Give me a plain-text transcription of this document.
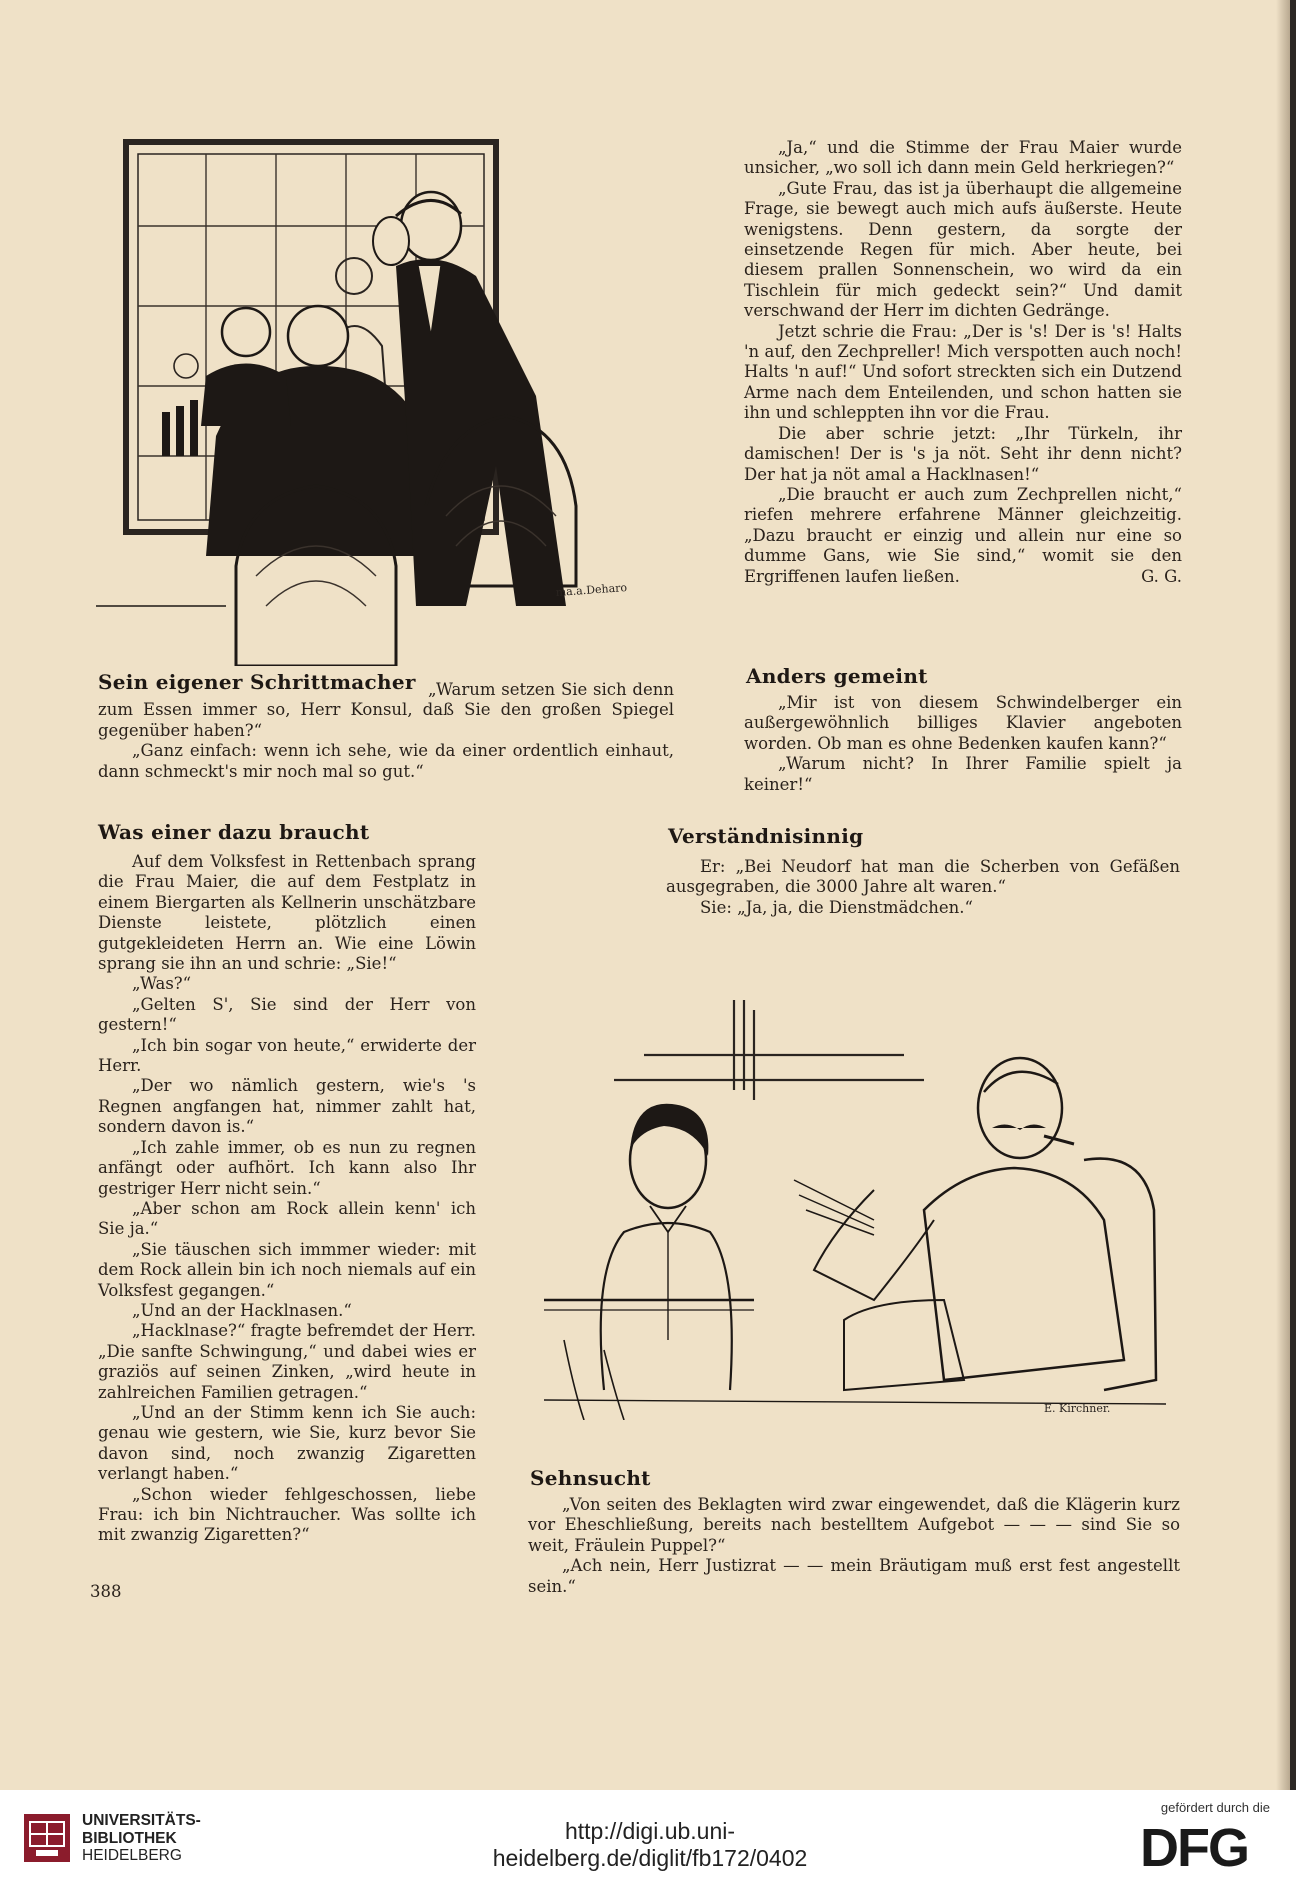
ma.a.Deharo

„Ja,“ und die Stimme der Frau Maier wurde unsicher, „wo soll ich dann mein Geld herkriegen?“

„Gute Frau, das ist ja überhaupt die allgemeine Frage, sie bewegt auch mich aufs äußerste. Heute wenigstens. Denn gestern, da sorgte der einsetzende Regen für mich. Aber heute, bei diesem prallen Sonnenschein, wo wird da ein Tischlein für mich gedeckt sein?“ Und damit verschwand der Herr im dichten Gedränge.

Jetzt schrie die Frau: „Der is 's! Der is 's! Halts 'n auf, den Zechpreller! Mich verspotten auch noch! Halts 'n auf!“ Und sofort streckten sich ein Dutzend Arme nach dem Enteilenden, und schon hatten sie ihn und schleppten ihn vor die Frau.

Die aber schrie jetzt: „Ihr Türkeln, ihr damischen! Der is 's ja nöt. Seht ihr denn nicht? Der hat ja nöt amal a Hacklnasen!“

„Die braucht er auch zum Zechprellen nicht,“ riefen mehrere erfahrene Männer gleichzeitig. „Dazu braucht er einzig und allein nur eine so dumme Gans, wie Sie sind,“ womit sie den Ergriffenen laufen ließen.	G. G.

Sein eigener Schrittmacher „Warum setzen Sie sich denn zum Essen immer so, Herr Konsul, daß Sie den großen Spiegel gegenüber haben?“

„Ganz einfach: wenn ich sehe, wie da einer ordentlich einhaut, dann schmeckt's mir noch mal so gut.“

Anders gemeint

„Mir ist von diesem Schwindelberger ein außergewöhnlich billiges Klavier angeboten worden. Ob man es ohne Bedenken kaufen kann?“

„Warum nicht? In Ihrer Familie spielt ja keiner!“

Was einer dazu braucht

Auf dem Volksfest in Rettenbach sprang die Frau Maier, die auf dem Festplatz in einem Biergarten als Kellnerin unschätzbare Dienste leistete, plötzlich einen gutgekleideten Herrn an. Wie eine Löwin sprang sie ihn an und schrie: „Sie!“

„Was?“

„Gelten S', Sie sind der Herr von gestern!“

„Ich bin sogar von heute,“ erwiderte der Herr.

„Der wo nämlich gestern, wie's 's Regnen angfangen hat, nimmer zahlt hat, sondern davon is.“

„Ich zahle immer, ob es nun zu regnen anfängt oder aufhört. Ich kann also Ihr gestriger Herr nicht sein.“

„Aber schon am Rock allein kenn' ich Sie ja.“

„Sie täuschen sich immmer wieder: mit dem Rock allein bin ich noch niemals auf ein Volksfest gegangen.“

„Und an der Hacklnasen.“

„Hacklnase?“ fragte befremdet der Herr. „Die sanfte Schwingung,“ und dabei wies er graziös auf seinen Zinken, „wird heute in zahlreichen Familien getragen.“

„Und an der Stimm kenn ich Sie auch: genau wie gestern, wie Sie, kurz bevor Sie davon sind, noch zwanzig Zigaretten verlangt haben.“

„Schon wieder fehlgeschossen, liebe Frau: ich bin Nichtraucher. Was sollte ich mit zwanzig Zigaretten?“

Verständnisinnig

Er: „Bei Neudorf hat man die Scherben von Gefäßen ausgegraben, die 3000 Jahre alt waren.“

Sie: „Ja, ja, die Dienstmädchen.“

E. Kirchner.
Sehnsucht

„Von seiten des Beklagten wird zwar eingewendet, daß die Klägerin kurz vor Eheschließung, bereits nach bestelltem Aufgebot — — — sind Sie so weit, Fräulein Puppel?“

„Ach nein, Herr Justizrat — — mein Bräutigam muß erst fest angestellt sein.“

388
UNIVERSITÄTS-
BIBLIOTHEK
HEIDELBERG
http://digi.ub.uni-heidelberg.de/diglit/fb172/0402
gefördert durch die
DFG
